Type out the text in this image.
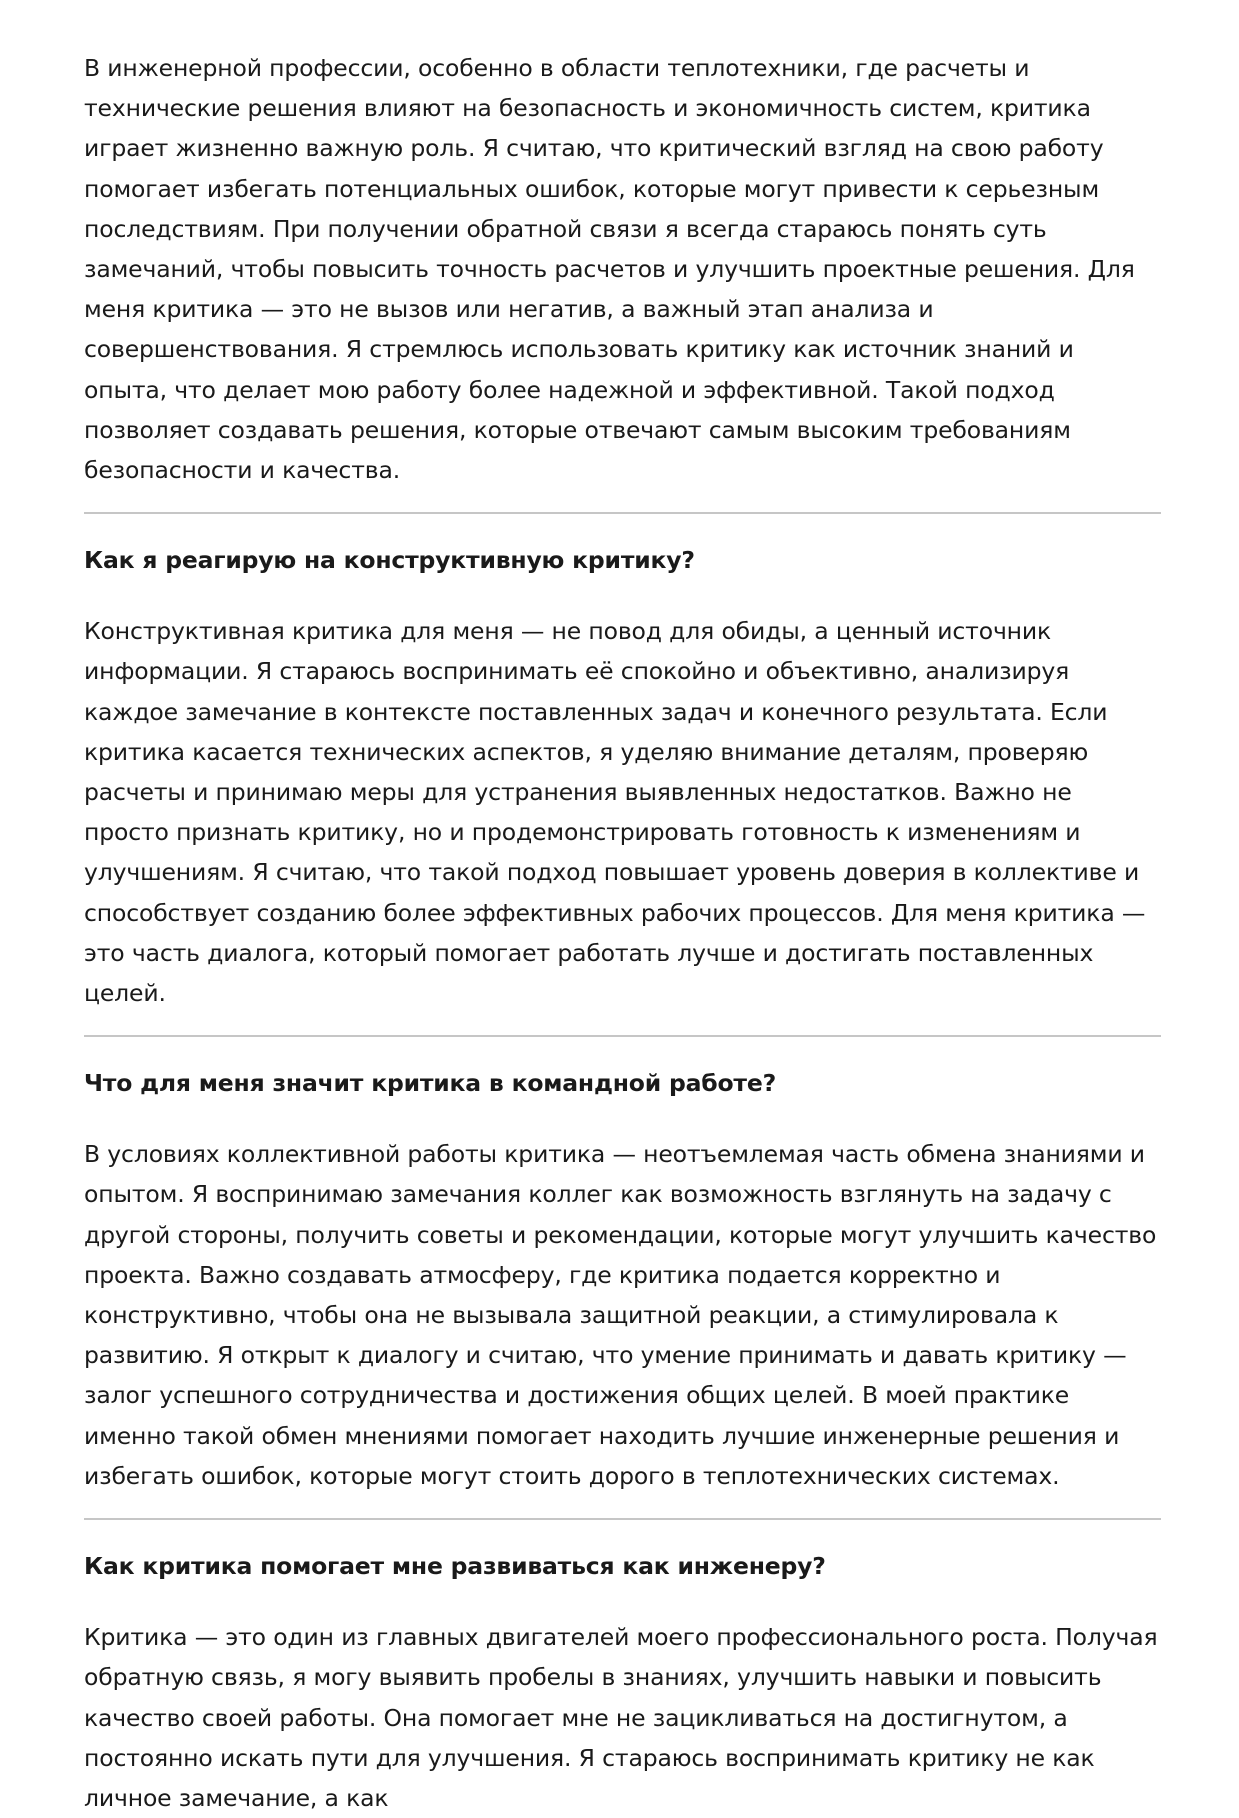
В инженерной профессии, особенно в области теплотехники, где расчеты и технические решения влияют на безопасность и экономичность систем, критика играет жизненно важную роль. Я считаю, что критический взгляд на свою работу помогает избегать потенциальных ошибок, которые могут привести к серьезным последствиям. При получении обратной связи я всегда стараюсь понять суть замечаний, чтобы повысить точность расчетов и улучшить проектные решения. Для меня критика — это не вызов или негатив, а важный этап анализа и совершенствования. Я стремлюсь использовать критику как источник знаний и опыта, что делает мою работу более надежной и эффективной. Такой подход позволяет создавать решения, которые отвечают самым высоким требованиям безопасности и качества.

Как я реагирую на конструктивную критику?

Конструктивная критика для меня — не повод для обиды, а ценный источник информации. Я стараюсь воспринимать её спокойно и объективно, анализируя каждое замечание в контексте поставленных задач и конечного результата. Если критика касается технических аспектов, я уделяю внимание деталям, проверяю расчеты и принимаю меры для устранения выявленных недостатков. Важно не просто признать критику, но и продемонстрировать готовность к изменениям и улучшениям. Я считаю, что такой подход повышает уровень доверия в коллективе и способствует созданию более эффективных рабочих процессов. Для меня критика — это часть диалога, который помогает работать лучше и достигать поставленных целей.

Что для меня значит критика в командной работе?

В условиях коллективной работы критика — неотъемлемая часть обмена знаниями и опытом. Я воспринимаю замечания коллег как возможность взглянуть на задачу с другой стороны, получить советы и рекомендации, которые могут улучшить качество проекта. Важно создавать атмосферу, где критика подается корректно и конструктивно, чтобы она не вызывала защитной реакции, а стимулировала к развитию. Я открыт к диалогу и считаю, что умение принимать и давать критику — залог успешного сотрудничества и достижения общих целей. В моей практике именно такой обмен мнениями помогает находить лучшие инженерные решения и избегать ошибок, которые могут стоить дорого в теплотехнических системах.

Как критика помогает мне развиваться как инженеру?

Критика — это один из главных двигателей моего профессионального роста. Получая обратную связь, я могу выявить пробелы в знаниях, улучшить навыки и повысить качество своей работы. Она помогает мне не зацикливаться на достигнутом, а постоянно искать пути для улучшения. Я стараюсь воспринимать критику не как личное замечание, а как
